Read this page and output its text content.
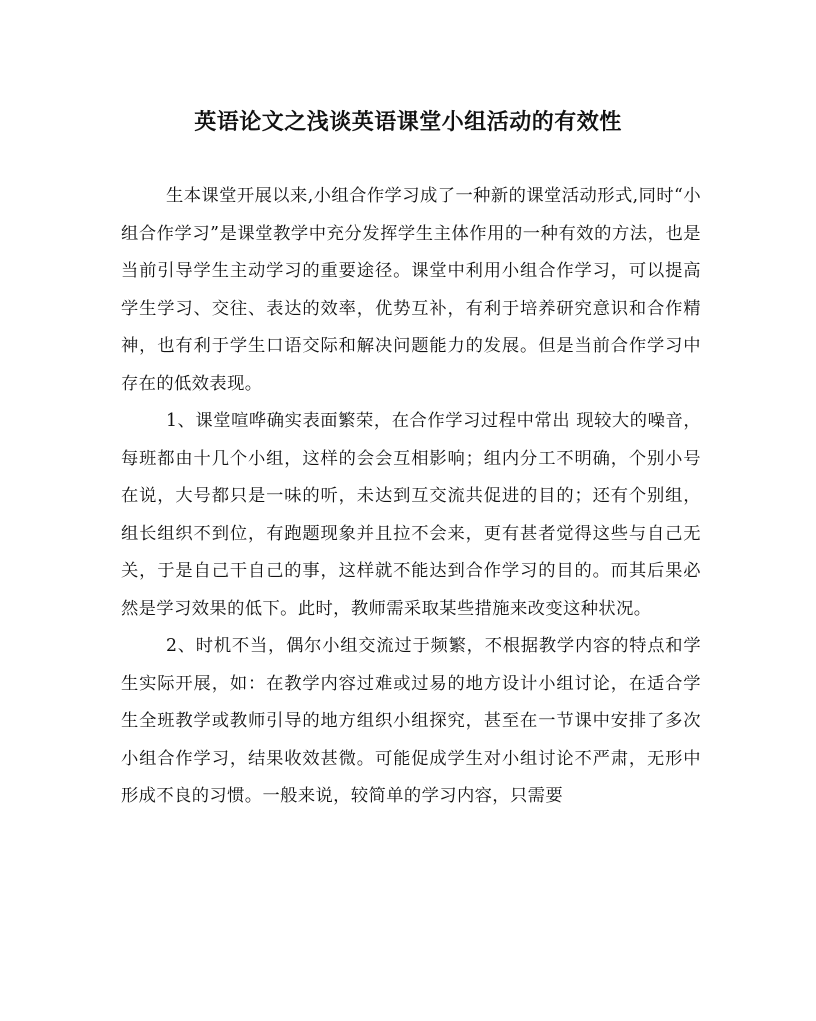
英语论文之浅谈英语课堂小组活动的有效性

生本课堂开展以来,小组合作学习成了一种新的课堂活动形式,同时“小组合作学习”是课堂教学中充分发挥学生主体作用的一种有效的方法，也是当前引导学生主动学习的重要途径。课堂中利用小组合作学习，可以提高学生学习、交往、表达的效率，优势互补，有利于培养研究意识和合作精神，也有利于学生口语交际和解决问题能力的发展。但是当前合作学习中存在的低效表现。

1、课堂喧哗确实表面繁荣，在合作学习过程中常出 现较大的噪音，每班都由十几个小组，这样的会会互相影响；组内分工不明确，个别小号在说，大号都只是一味的听，未达到互交流共促进的目的；还有个别组，组长组织不到位，有跑题现象并且拉不会来，更有甚者觉得这些与自己无关，于是自己干自己的事，这样就不能达到合作学习的目的。而其后果必然是学习效果的低下。此时，教师需采取某些措施来改变这种状况。

2、时机不当，偶尔小组交流过于频繁，不根据教学内容的特点和学生实际开展，如：在教学内容过难或过易的地方设计小组讨论，在适合学生全班教学或教师引导的地方组织小组探究，甚至在一节课中安排了多次小组合作学习，结果收效甚微。可能促成学生对小组讨论不严肃，无形中形成不良的习惯。一般来说，较简单的学习内容，只需要
